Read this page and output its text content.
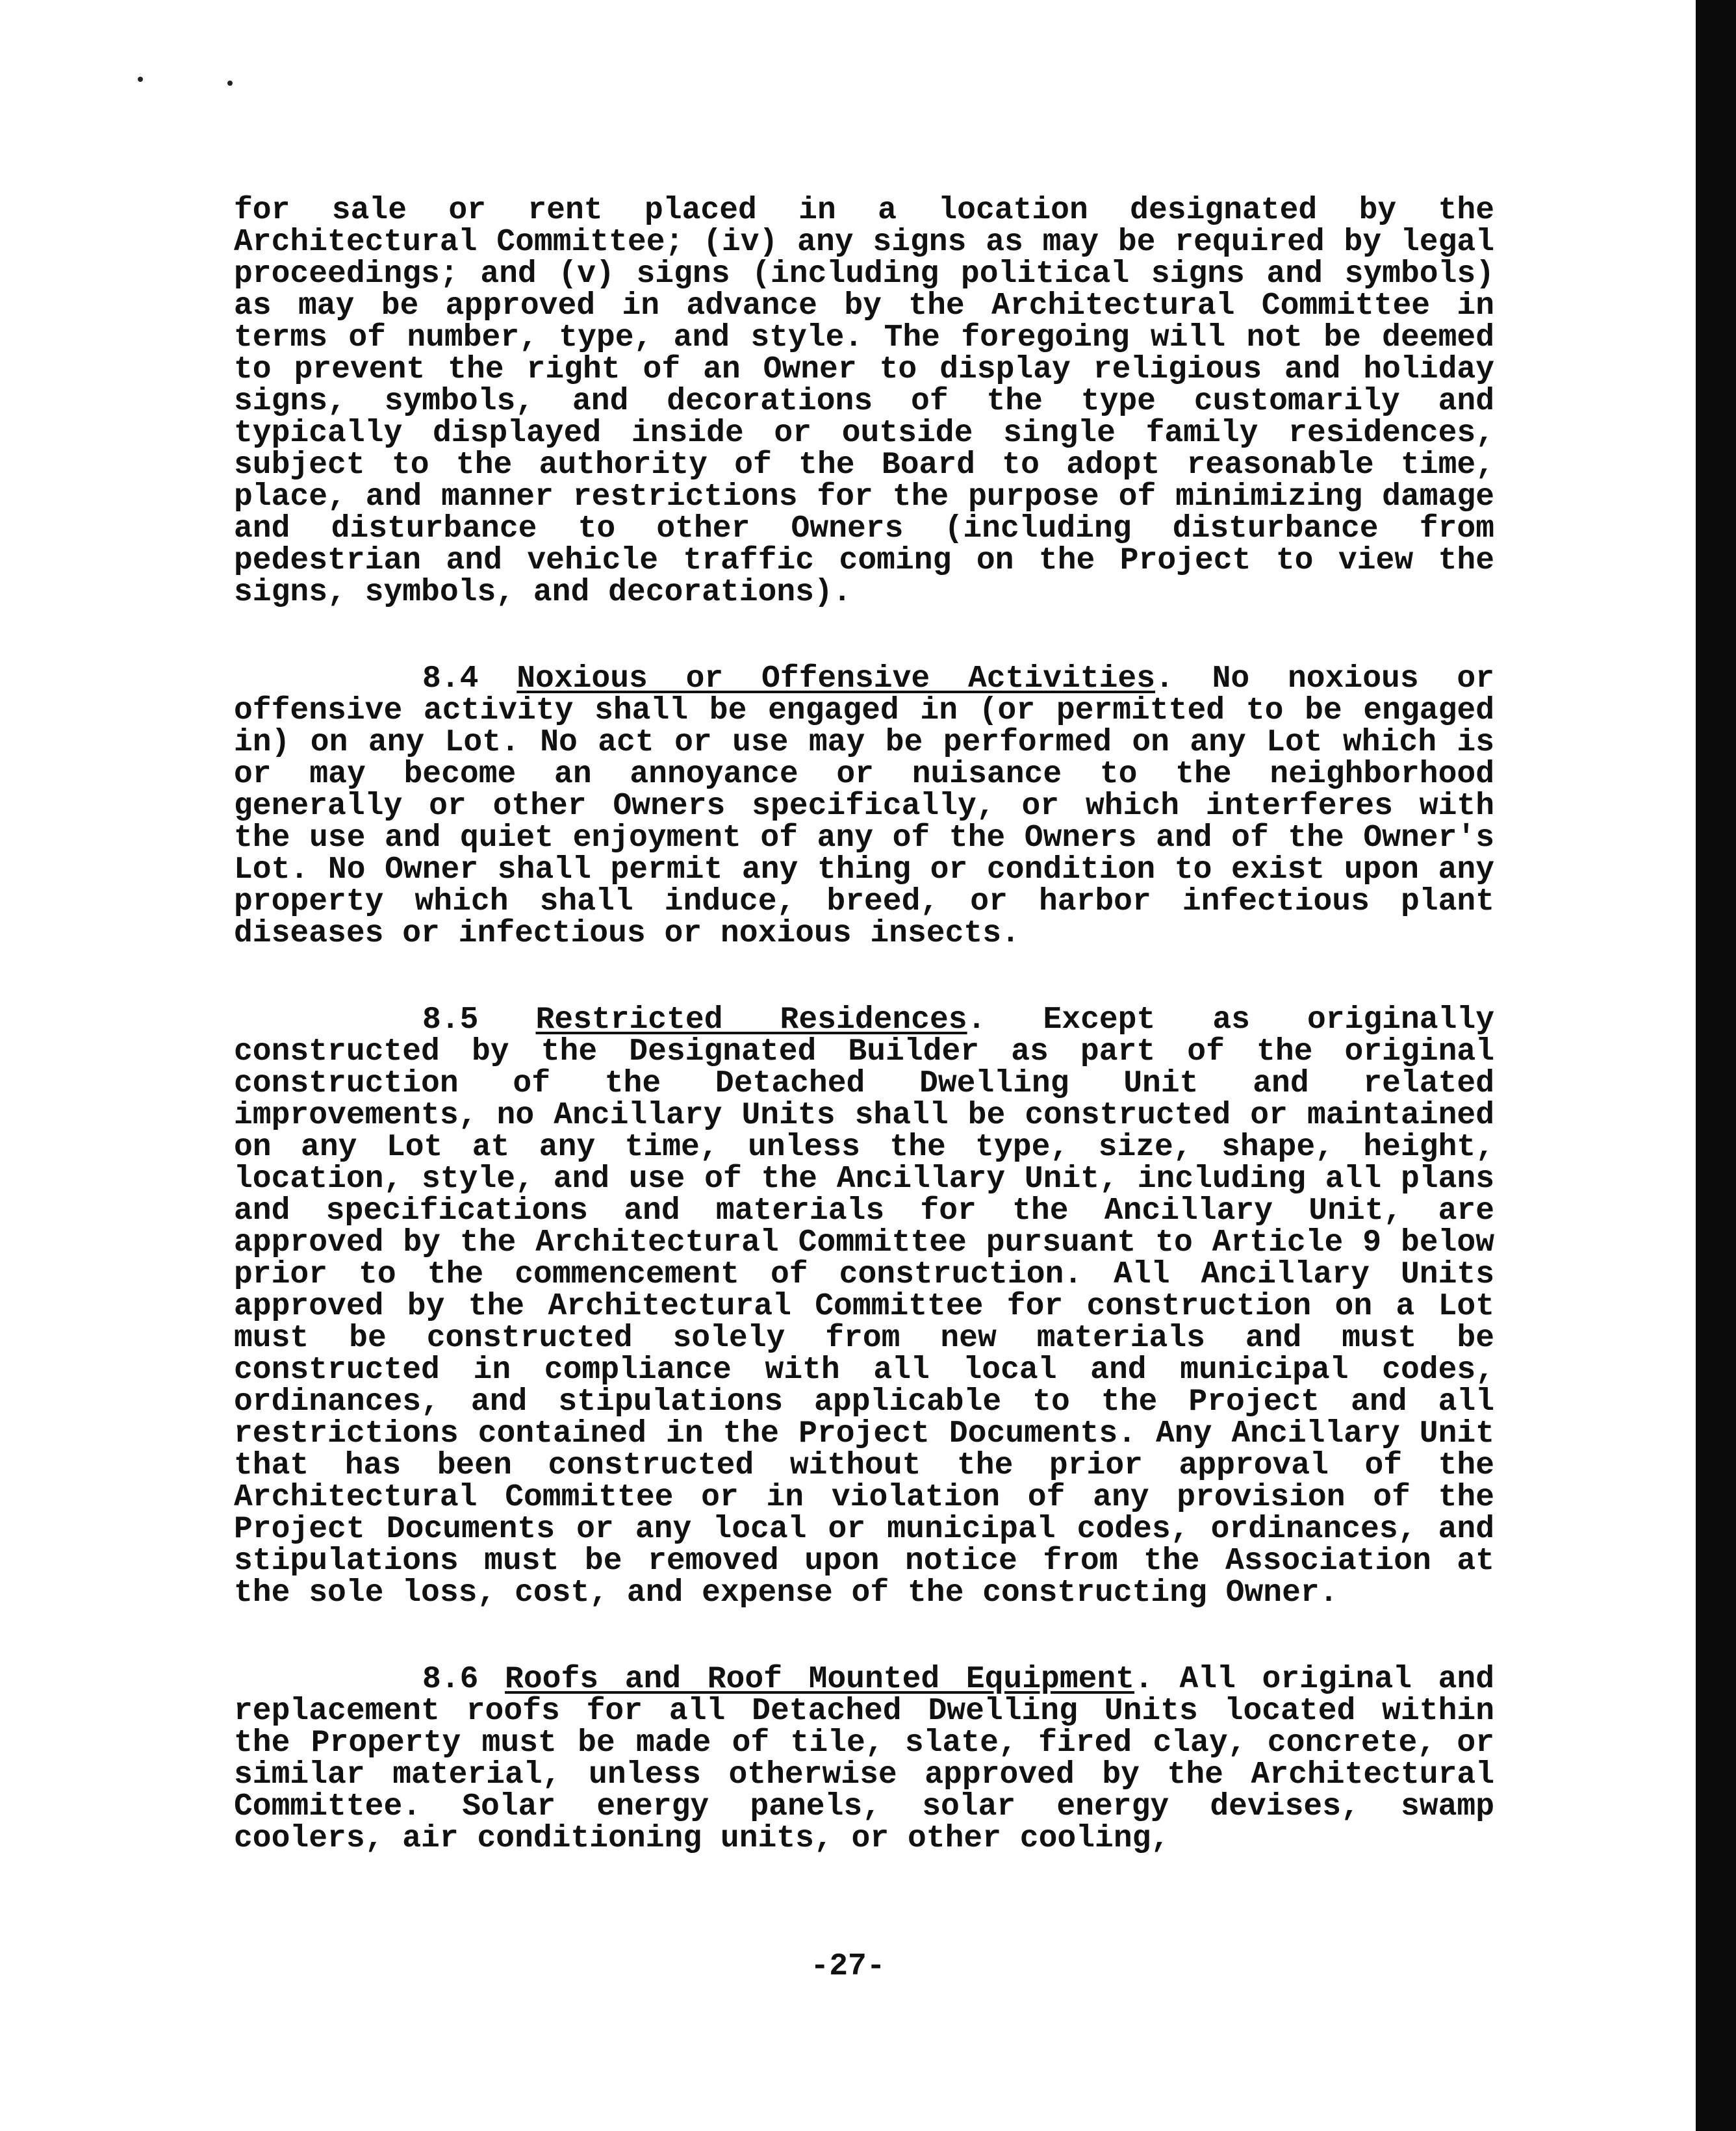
for sale or rent placed in a location designated by the Architectural Committee; (iv) any signs as may be required by legal proceedings; and (v) signs (including political signs and symbols) as may be approved in advance by the Architectural Committee in terms of number, type, and style. The foregoing will not be deemed to prevent the right of an Owner to display religious and holiday signs, symbols, and decorations of the type customarily and typically displayed inside or outside single family residences, subject to the authority of the Board to adopt reasonable time, place, and manner restrictions for the purpose of minimizing damage and disturbance to other Owners (including disturbance from pedestrian and vehicle traffic coming on the Project to view the signs, symbols, and decorations).

8.4 Noxious or Offensive Activities. No noxious or offensive activity shall be engaged in (or permitted to be engaged in) on any Lot. No act or use may be performed on any Lot which is or may become an annoyance or nuisance to the neighborhood generally or other Owners specifically, or which interferes with the use and quiet enjoyment of any of the Owners and of the Owner's Lot. No Owner shall permit any thing or condition to exist upon any property which shall induce, breed, or harbor infectious plant diseases or infectious or noxious insects.

8.5 Restricted Residences. Except as originally constructed by the Designated Builder as part of the original construction of the Detached Dwelling Unit and related improvements, no Ancillary Units shall be constructed or maintained on any Lot at any time, unless the type, size, shape, height, location, style, and use of the Ancillary Unit, including all plans and specifications and materials for the Ancillary Unit, are approved by the Architectural Committee pursuant to Article 9 below prior to the commencement of construction. All Ancillary Units approved by the Architectural Committee for construction on a Lot must be constructed solely from new materials and must be constructed in compliance with all local and municipal codes, ordinances, and stipulations applicable to the Project and all restrictions contained in the Project Documents. Any Ancillary Unit that has been constructed without the prior approval of the Architectural Committee or in violation of any provision of the Project Documents or any local or municipal codes, ordinances, and stipulations must be removed upon notice from the Association at the sole loss, cost, and expense of the constructing Owner.

8.6 Roofs and Roof Mounted Equipment. All original and replacement roofs for all Detached Dwelling Units located within the Property must be made of tile, slate, fired clay, concrete, or similar material, unless otherwise approved by the Architectural Committee. Solar energy panels, solar energy devises, swamp coolers, air conditioning units, or other cooling,

-27-
